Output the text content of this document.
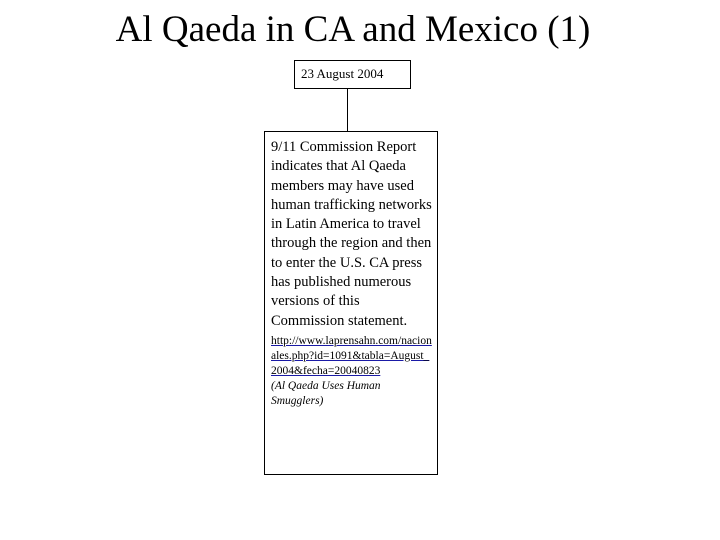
Al Qaeda in CA and Mexico (1)
23 August 2004

9/11 Commission Report indicates that Al Qaeda members may have used human trafficking networks in Latin America to travel through the region and then to enter the U.S. CA press has published numerous versions of this Commission statement.

http://www.laprensahn.com/nacionales.php?id=1091&tabla=August_2004&fecha=20040823

(Al Qaeda Uses Human Smugglers)
